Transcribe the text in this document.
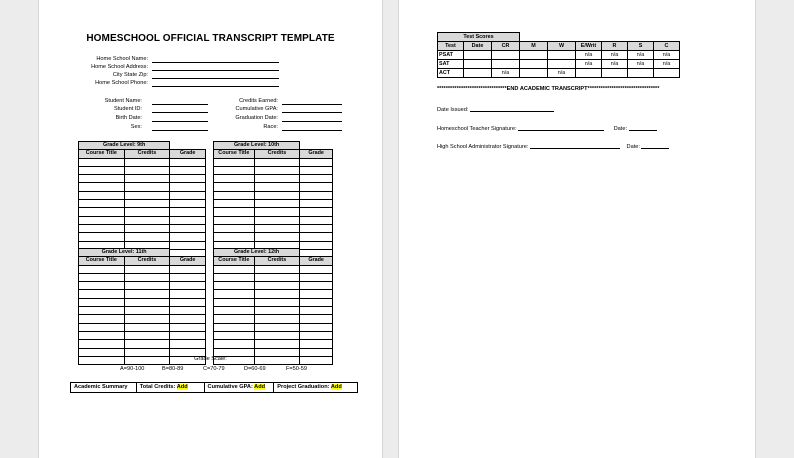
HOMESCHOOL OFFICIAL TRANSCRIPT TEMPLATE
Home School Name:
Home School Address:
City State Zip:
Home School Phone:
Student Name:
Student ID:
Birth Date:
Sex:
Credits Earned:
Cumulative GPA:
Graduation Date:
Race:
Grade Level: 9th		
Course Title	Credits	Grade

Grade Level: 10th		
Course Title	Credits	Grade

Grade Level: 11th		
Course Title	Credits	Grade

Grade Level: 12th		
Course Title	Credits	Grade

Grade Scale:
A=90-100	B=80-89	C=70-79	D=60-69	F=50-59
Academic Summary	Total Credits: Add	Cumulative GPA: Add	Project Graduation: Add
Test Scores								
Test	Date	CR	M	W	E/Writ	R	S	C
PSAT					n/a	n/a	n/a	n/a
SAT					n/a	n/a	n/a	n/a
ACT		n/a		n/a				
********************************END ACADEMIC TRANSCRIPT*********************************
Date Issued:
Homeschool Teacher Signature:	Date:
High School Administrator Signature:	Date:
